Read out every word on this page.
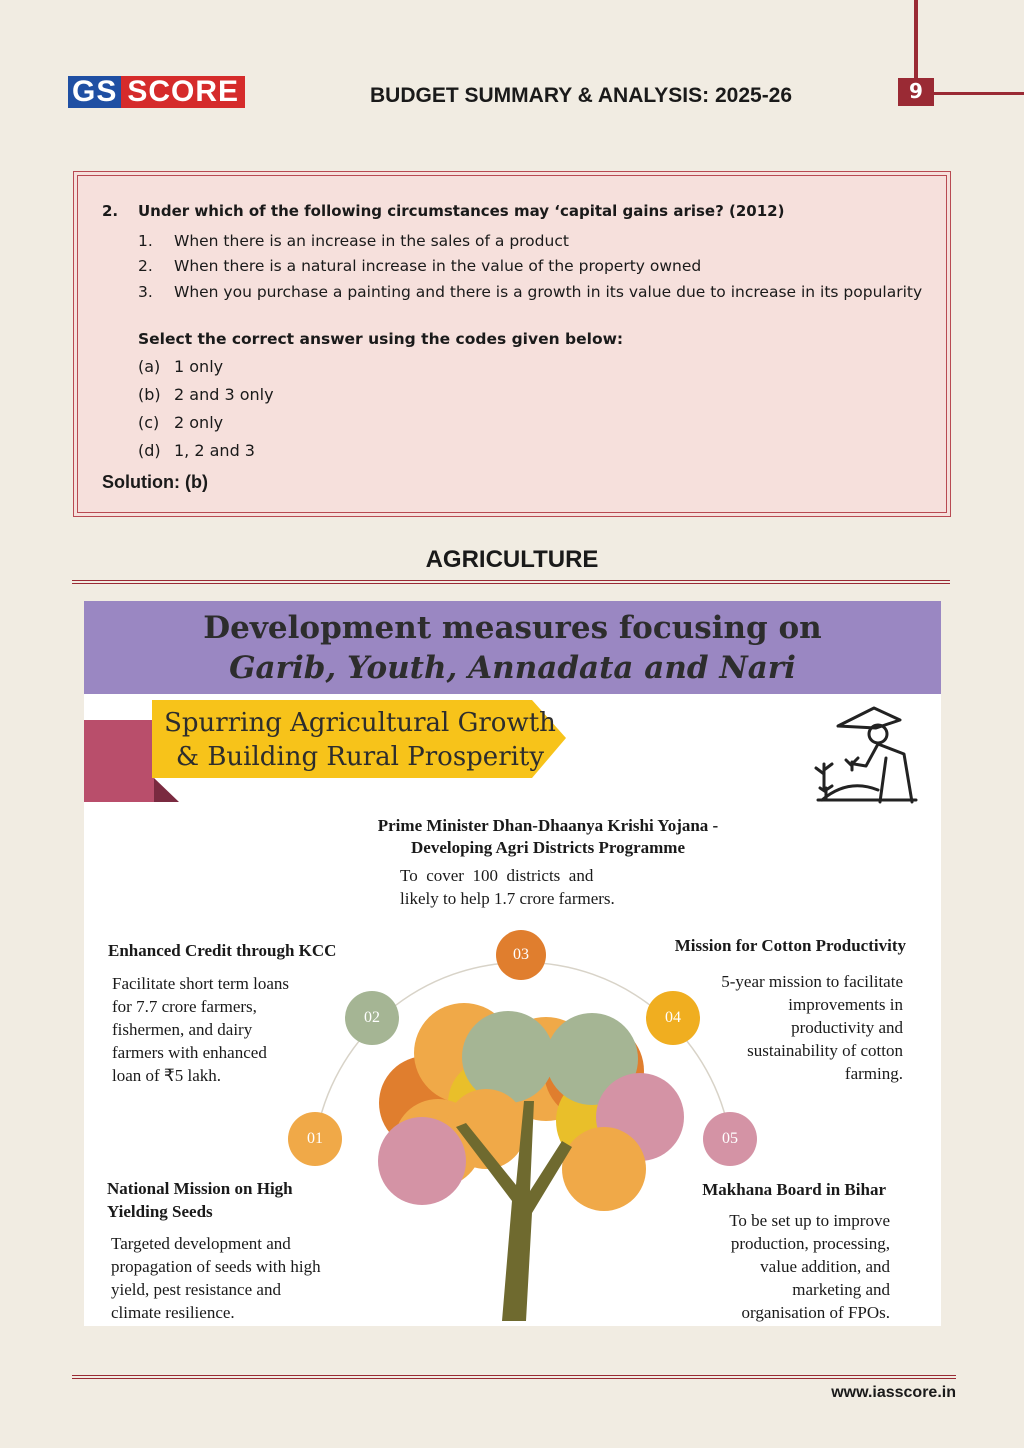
GS SCORE	BUDGET SUMMARY & ANALYSIS: 2025-26	9
2. Under which of the following circumstances may ‘capital gains arise? (2012)
1. When there is an increase in the sales of a product
2. When there is a natural increase in the value of the property owned
3. When you purchase a painting and there is a growth in its value due to increase in its popularity
Select the correct answer using the codes given below:
(a) 1 only
(b) 2 and 3 only
(c) 2 only
(d) 1, 2 and 3
Solution: (b)
AGRICULTURE
Development measures focusing on
Garib, Youth, Annadata and Nari
Spurring Agricultural Growth
& Building Rural Prosperity
Prime Minister Dhan-Dhaanya Krishi Yojana -
Developing Agri Districts Programme
To  cover  100  districts  and
likely to help 1.7 crore farmers.
03
02	04
01	05
Enhanced Credit through KCC
Facilitate short term loans
for 7.7 crore farmers,
fishermen, and dairy
farmers with enhanced
loan of ₹5 lakh.
Mission for Cotton Productivity
5-year mission to facilitate
improvements in
productivity and
sustainability of cotton
farming.
National Mission on High
Yielding Seeds
Targeted development and
propagation of seeds with high
yield, pest resistance and
climate resilience.
Makhana Board in Bihar
To be set up to improve
production, processing,
value addition, and
marketing and
organisation of FPOs.
www.iasscore.in
